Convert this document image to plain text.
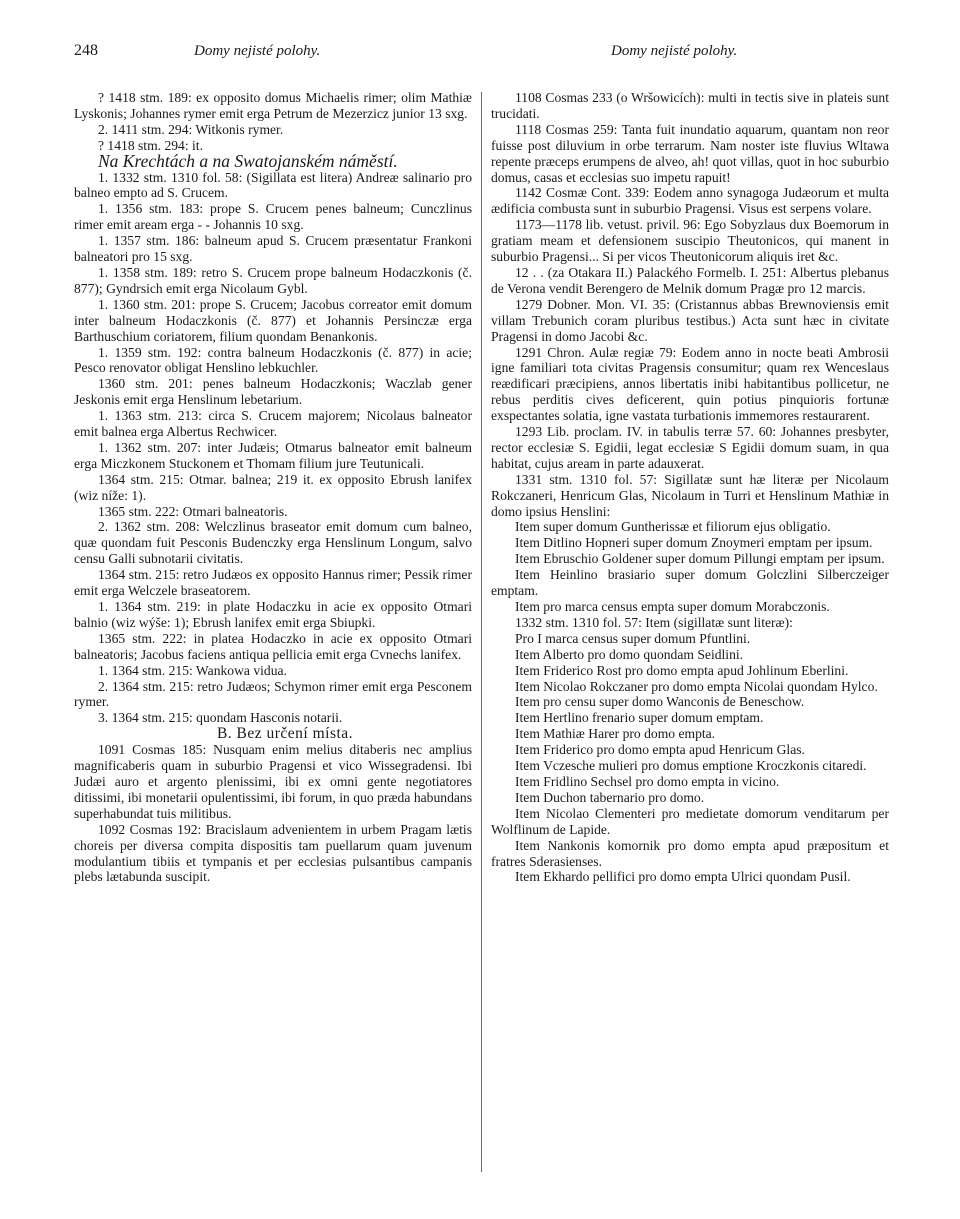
248	Domy nejisté polohy.	Domy nejisté polohy.

? 1418 stm. 189: ex opposito domus Michaelis rimer; olim Mathiæ Lyskonis; Johannes rymer emit erga Petrum de Mezerzicz junior 13 sxg.

2. 1411 stm. 294: Witkonis rymer.

? 1418 stm. 294: it.

Na Krechtách a na Swatojanském náměstí.

1. 1332 stm. 1310 fol. 58: (Sigillata est litera) Andreæ salinario pro balneo empto ad S. Crucem.

1. 1356 stm. 183: prope S. Crucem penes balneum; Cunczlinus rimer emit aream erga - - Johannis 10 sxg.

1. 1357 stm. 186: balneum apud S. Crucem præsentatur Frankoni balneatori pro 15 sxg.

1. 1358 stm. 189: retro S. Crucem prope balneum Hodaczkonis (č. 877); Gyndrsich emit erga Nicolaum Gybl.

1. 1360 stm. 201: prope S. Crucem; Jacobus correator emit domum inter balneum Hodaczkonis (č. 877) et Johannis Persinczæ erga Barthuschium coriatorem, filium quondam Benankonis.

1. 1359 stm. 192: contra balneum Hodaczkonis (č. 877) in acie; Pesco renovator obligat Henslino lebkuchler.

1360 stm. 201: penes balneum Hodaczkonis; Waczlab gener Jeskonis emit erga Henslinum lebetarium.

1. 1363 stm. 213: circa S. Crucem majorem; Nicolaus balneator emit balnea erga Albertus Rechwicer.

1. 1362 stm. 207: inter Judæis; Otmarus balneator emit balneum erga Miczkonem Stuckonem et Thomam filium jure Teutunicali.

1364 stm. 215: Otmar. balnea; 219 it. ex opposito Ebrush lanifex (wiz níže: 1).

1365 stm. 222: Otmari balneatoris.

2. 1362 stm. 208: Welczlinus braseator emit domum cum balneo, quæ quondam fuit Pesconis Budenczky erga Henslinum Longum, salvo censu Galli subnotarii civitatis.

1364 stm. 215: retro Judæos ex opposito Hannus rimer; Pessik rimer emit erga Welczele braseatorem.

1. 1364 stm. 219: in plate Hodaczku in acie ex opposito Otmari balnio (wiz wýše: 1); Ebrush lanifex emit erga Sbiupki.

1365 stm. 222: in platea Hodaczko in acie ex opposito Otmari balneatoris; Jacobus faciens antiqua pellicia emit erga Cvnechs lanifex.

1. 1364 stm. 215: Wankowa vidua.

2. 1364 stm. 215: retro Judæos; Schymon rimer emit erga Pesconem rymer.

3. 1364 stm. 215: quondam Hasconis notarii.

B. Bez určení místa.

1091 Cosmas 185: Nusquam enim melius ditaberis nec amplius magnificaberis quam in suburbio Pragensi et vico Wissegradensi. Ibi Judæi auro et argento plenissimi, ibi ex omni gente negotiatores ditissimi, ibi monetarii opulentissimi, ibi forum, in quo præda habundans superhabundat tuis militibus.

1092 Cosmas 192: Bracislaum advenientem in urbem Pragam lætis choreis per diversa compita dispositis tam puellarum quam juvenum modulantium tibiis et tympanis et per ecclesias pulsantibus campanis plebs lætabunda suscipit.

1108 Cosmas 233 (o Wršowicích): multi in tectis sive in plateis sunt trucidati.

1118 Cosmas 259: Tanta fuit inundatio aquarum, quantam non reor fuisse post diluvium in orbe terrarum. Nam noster iste fluvius Wltawa repente præceps erumpens de alveo, ah! quot villas, quot in hoc suburbio domus, casas et ecclesias suo impetu rapuit!

1142 Cosmæ Cont. 339: Eodem anno synagoga Judæorum et multa ædificia combusta sunt in suburbio Pragensi. Visus est serpens volare.

1173—1178 lib. vetust. privil. 96: Ego Sobyzlaus dux Boemorum in gratiam meam et defensionem suscipio Theutonicos, qui manent in suburbio Pragensi... Si per vicos Theutonicorum aliquis iret &c.

12 . . (za Otakara II.) Palackého Formelb. I. 251: Albertus plebanus de Verona vendit Berengero de Melnik domum Pragæ pro 12 marcis.

1279 Dobner. Mon. VI. 35: (Cristannus abbas Brewnoviensis emit villam Trebunich coram pluribus testibus.) Acta sunt hæc in civitate Pragensi in domo Jacobi &c.

1291 Chron. Aulæ regiæ 79: Eodem anno in nocte beati Ambrosii igne familiari tota civitas Pragensis consumitur; quam rex Wenceslaus reædificari præcipiens, annos libertatis inibi habitantibus pollicetur, ne rebus perditis cives deficerent, quin potius pinquioris fortunæ exspectantes solatia, igne vastata turbationis immemores restaurarent.

1293 Lib. proclam. IV. in tabulis terræ 57. 60: Johannes presbyter, rector ecclesiæ S. Egidii, legat ecclesiæ S Egidii domum suam, in qua habitat, cujus aream in parte adauxerat.

1331 stm. 1310 fol. 57: Sigillatæ sunt hæ literæ per Nicolaum Rokczaneri, Henricum Glas, Nicolaum in Turri et Henslinum Mathiæ in domo ipsius Henslini:

Item super domum Guntherissæ et filiorum ejus obligatio.

Item Ditlino Hopneri super domum Znoymeri emptam per ipsum.

Item Ebruschio Goldener super domum Pillungi emptam per ipsum.

Item Heinlino brasiario super domum Golczlini Silberczeiger emptam.

Item pro marca census empta super domum Morabczonis.

1332 stm. 1310 fol. 57: Item (sigillatæ sunt literæ):

Pro I marca census super domum Pfuntlini.

Item Alberto pro domo quondam Seidlini.

Item Friderico Rost pro domo empta apud Johlinum Eberlini.

Item Nicolao Rokczaner pro domo empta Nicolai quondam Hylco.

Item pro censu super domo Wanconis de Beneschow.

Item Hertlino frenario super domum emptam.

Item Mathiæ Harer pro domo empta.

Item Friderico pro domo empta apud Henricum Glas.

Item Vczesche mulieri pro domus emptione Kroczkonis citaredi.

Item Fridlino Sechsel pro domo empta in vicino.

Item Duchon tabernario pro domo.

Item Nicolao Clementeri pro medietate domorum venditarum per Wolflinum de Lapide.

Item Nankonis komornik pro domo empta apud præpositum et fratres Sderasienses.

Item Ekhardo pellifici pro domo empta Ulrici quondam Pusil.
